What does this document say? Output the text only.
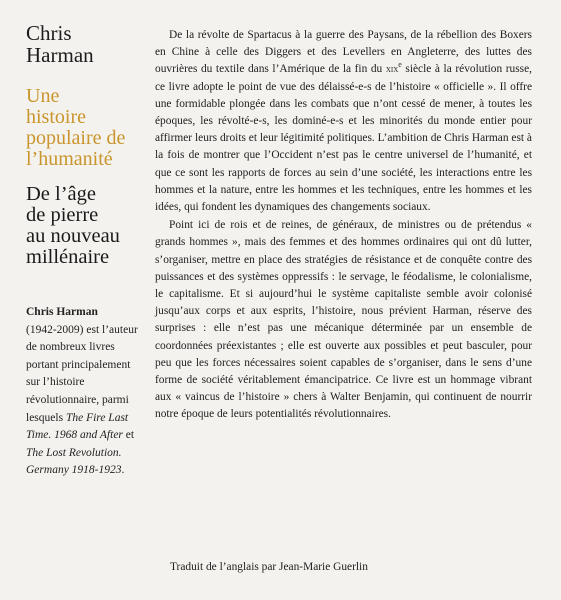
Chris
Harman
Une
histoire
populaire de
l’humanité
De l’âge
de pierre
au nouveau
millénaire
Chris Harman
(1942-2009) est l’auteur de nombreux livres portant principalement sur l’histoire révolutionnaire, parmi lesquels The Fire Last Time. 1968 and After et The Lost Revolution. Germany 1918-1923.

De la révolte de Spartacus à la guerre des Paysans, de la rébellion des Boxers en Chine à celle des Diggers et des Levellers en Angleterre, des luttes des ouvrières du textile dans l’Amérique de la fin du xix$^e$ siècle à la révolution russe, ce livre adopte le point de vue des délaissé-e-s de l’histoire « officielle ». Il offre une formidable plongée dans les combats que n’ont cessé de mener, à toutes les époques, les révolté-e-s, les dominé-e-s et les minorités du monde entier pour affirmer leurs droits et leur légitimité politiques. L’ambition de Chris Harman est à la fois de montrer que l’Occident n’est pas le centre universel de l’humanité, et que ce sont les rapports de forces au sein d’une société, les interactions entre les hommes et la nature, entre les hommes et les techniques, entre les hommes et les idées, qui fondent les dynamiques des changements sociaux.

Point ici de rois et de reines, de généraux, de ministres ou de prétendus « grands hommes », mais des femmes et des hommes ordinaires qui ont dû lutter, s’organiser, mettre en place des stratégies de résistance et de conquête contre des puissances et des systèmes oppressifs : le servage, le féodalisme, le colonialisme, le capitalisme. Et si aujourd’hui le système capitaliste semble avoir colonisé jusqu’aux corps et aux esprits, l’histoire, nous prévient Harman, réserve des surprises : elle n’est pas une mécanique déterminée par un ensemble de coordonnées préexistantes ; elle est ouverte aux possibles et peut basculer, pour peu que les forces nécessaires soient capables de s’organiser, dans le sens d’une forme de société véritablement émancipatrice. Ce livre est un hommage vibrant aux « vaincus de l’histoire » chers à Walter Benjamin, qui continuent de nourrir notre époque de leurs potentialités révolutionnaires.

Traduit de l’anglais par Jean-Marie Guerlin
